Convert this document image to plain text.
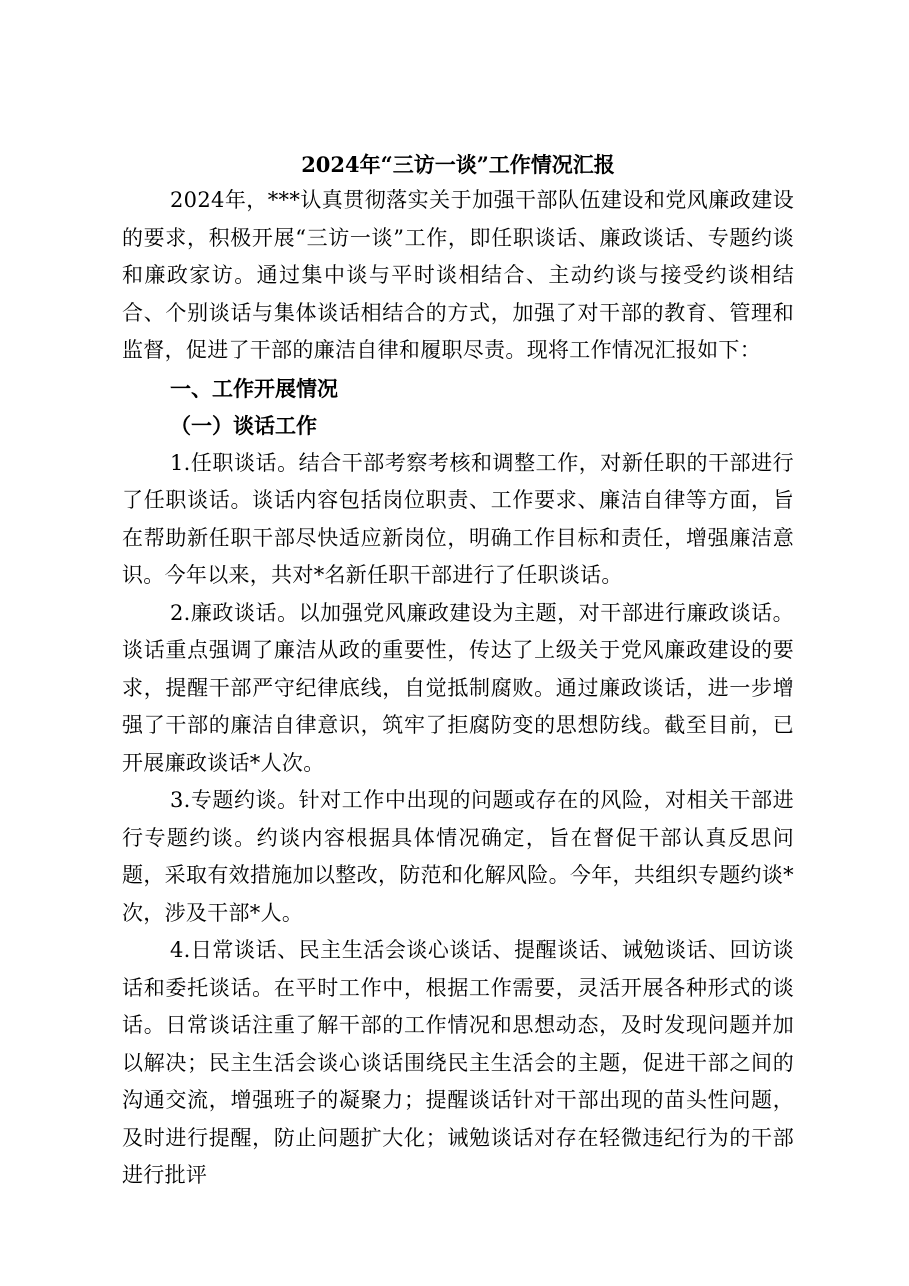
2024年“三访一谈”工作情况汇报

2024年，***认真贯彻落实关于加强干部队伍建设和党风廉政建设的要求，积极开展“三访一谈”工作，即任职谈话、廉政谈话、专题约谈和廉政家访。通过集中谈与平时谈相结合、主动约谈与接受约谈相结合、个别谈话与集体谈话相结合的方式，加强了对干部的教育、管理和监督，促进了干部的廉洁自律和履职尽责。现将工作情况汇报如下：

一、工作开展情况
（一）谈话工作

1.任职谈话。结合干部考察考核和调整工作，对新任职的干部进行了任职谈话。谈话内容包括岗位职责、工作要求、廉洁自律等方面，旨在帮助新任职干部尽快适应新岗位，明确工作目标和责任，增强廉洁意识。今年以来，共对*名新任职干部进行了任职谈话。

2.廉政谈话。以加强党风廉政建设为主题，对干部进行廉政谈话。谈话重点强调了廉洁从政的重要性，传达了上级关于党风廉政建设的要求，提醒干部严守纪律底线，自觉抵制腐败。通过廉政谈话，进一步增强了干部的廉洁自律意识，筑牢了拒腐防变的思想防线。截至目前，已开展廉政谈话*人次。

3.专题约谈。针对工作中出现的问题或存在的风险，对相关干部进行专题约谈。约谈内容根据具体情况确定，旨在督促干部认真反思问题，采取有效措施加以整改，防范和化解风险。今年，共组织专题约谈*次，涉及干部*人。

4.日常谈话、民主生活会谈心谈话、提醒谈话、诫勉谈话、回访谈话和委托谈话。在平时工作中，根据工作需要，灵活开展各种形式的谈话。日常谈话注重了解干部的工作情况和思想动态，及时发现问题并加以解决；民主生活会谈心谈话围绕民主生活会的主题，促进干部之间的沟通交流，增强班子的凝聚力；提醒谈话针对干部出现的苗头性问题，及时进行提醒，防止问题扩大化；诫勉谈话对存在轻微违纪行为的干部进行批评
